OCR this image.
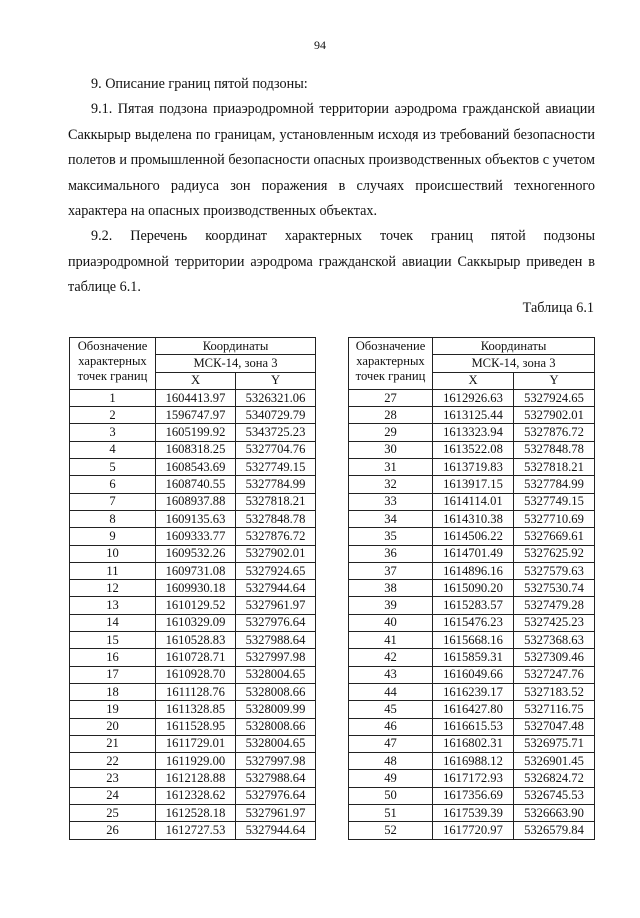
94

9. Описание границ пятой подзоны:

9.1. Пятая подзона приаэродромной территории аэродрома гражданской авиации Саккырыр выделена по границам, установленным исходя из требований безопасности полетов и промышленной безопасности опасных производственных объектов с учетом максимального радиуса зон поражения в случаях происшествий техногенного характера на опасных производственных объектах.

9.2. Перечень координат характерных точек границ пятой подзоны приаэродромной территории аэродрома гражданской авиации Саккырыр приведен в таблице 6.1.

Таблица 6.1
Обозначение
характерных
точек границ	Координаты	
	МСК-14, зона 3	
	X	Y
1	1604413.97	5326321.06
2	1596747.97	5340729.79
3	1605199.92	5343725.23
4	1608318.25	5327704.76
5	1608543.69	5327749.15
6	1608740.55	5327784.99
7	1608937.88	5327818.21
8	1609135.63	5327848.78
9	1609333.77	5327876.72
10	1609532.26	5327902.01
11	1609731.08	5327924.65
12	1609930.18	5327944.64
13	1610129.52	5327961.97
14	1610329.09	5327976.64
15	1610528.83	5327988.64
16	1610728.71	5327997.98
17	1610928.70	5328004.65
18	1611128.76	5328008.66
19	1611328.85	5328009.99
20	1611528.95	5328008.66
21	1611729.01	5328004.65
22	1611929.00	5327997.98
23	1612128.88	5327988.64
24	1612328.62	5327976.64
25	1612528.18	5327961.97
26	1612727.53	5327944.64
Обозначение
характерных
точек границ	Координаты	
	МСК-14, зона 3	
	X	Y
27	1612926.63	5327924.65
28	1613125.44	5327902.01
29	1613323.94	5327876.72
30	1613522.08	5327848.78
31	1613719.83	5327818.21
32	1613917.15	5327784.99
33	1614114.01	5327749.15
34	1614310.38	5327710.69
35	1614506.22	5327669.61
36	1614701.49	5327625.92
37	1614896.16	5327579.63
38	1615090.20	5327530.74
39	1615283.57	5327479.28
40	1615476.23	5327425.23
41	1615668.16	5327368.63
42	1615859.31	5327309.46
43	1616049.66	5327247.76
44	1616239.17	5327183.52
45	1616427.80	5327116.75
46	1616615.53	5327047.48
47	1616802.31	5326975.71
48	1616988.12	5326901.45
49	1617172.93	5326824.72
50	1617356.69	5326745.53
51	1617539.39	5326663.90
52	1617720.97	5326579.84
